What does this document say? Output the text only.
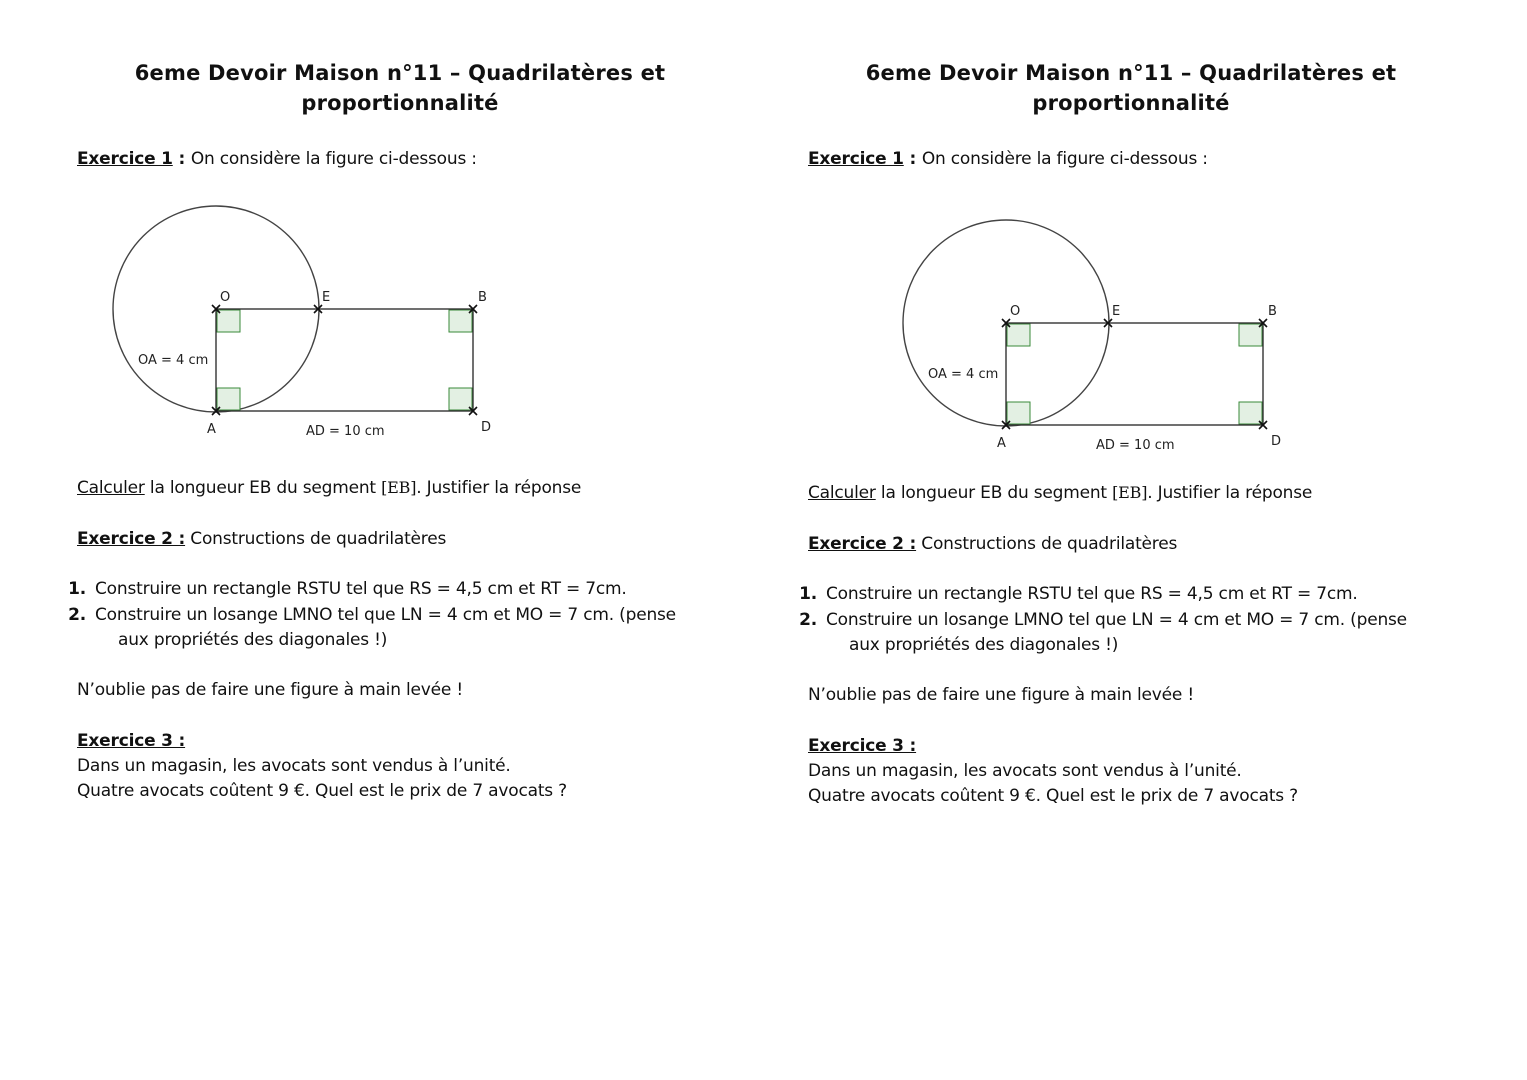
6eme Devoir Maison n°11 – Quadrilatères et
proportionnalité
Exercice 1 : On considère la figure ci-dessous :
O	E	B
A	D
OA = 4 cm
AD = 10 cm
Calculer la longueur EB du segment [EB]. Justifier la réponse
Exercice 2 : Constructions de quadrilatères
1. Construire un rectangle RSTU tel que RS = 4,5 cm et RT = 7cm.
2. Construire un losange LMNO tel que LN = 4 cm et MO = 7 cm. (pense
aux propriétés des diagonales !)
N’oublie pas de faire une figure à main levée !
Exercice 3 :
Dans un magasin, les avocats sont vendus à l’unité.
Quatre avocats coûtent 9 €. Quel est le prix de 7 avocats ?
6eme Devoir Maison n°11 – Quadrilatères et
proportionnalité
Exercice 1 : On considère la figure ci-dessous :
O	E	B
A	D
OA = 4 cm
AD = 10 cm
Calculer la longueur EB du segment [EB]. Justifier la réponse
Exercice 2 : Constructions de quadrilatères
1. Construire un rectangle RSTU tel que RS = 4,5 cm et RT = 7cm.
2. Construire un losange LMNO tel que LN = 4 cm et MO = 7 cm. (pense
aux propriétés des diagonales !)
N’oublie pas de faire une figure à main levée !
Exercice 3 :
Dans un magasin, les avocats sont vendus à l’unité.
Quatre avocats coûtent 9 €. Quel est le prix de 7 avocats ?
